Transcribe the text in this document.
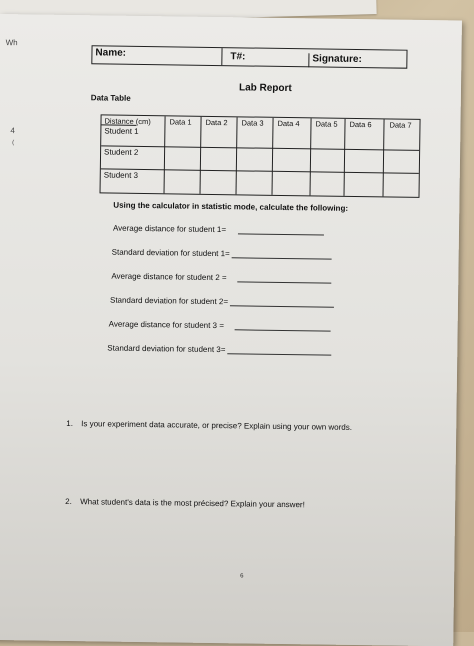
Wh
4
(
Name:	T#:	Signature:
Lab Report
Data Table
Distance (cm) Data 1 Data 2 Data 3 Data 4 Data 5 Data 6 Data 7
Student 1
Student 2
Student 3
Using the calculator in statistic mode, calculate the following:
Average distance for student 1=
Standard deviation for student 1=
Average distance for student 2 =
Standard deviation for student 2=
Average distance for student 3 =
Standard deviation for student 3=
1. Is your experiment data accurate, or precise? Explain using your own words.
2. What student's data is the most précised? Explain your answer!
6
